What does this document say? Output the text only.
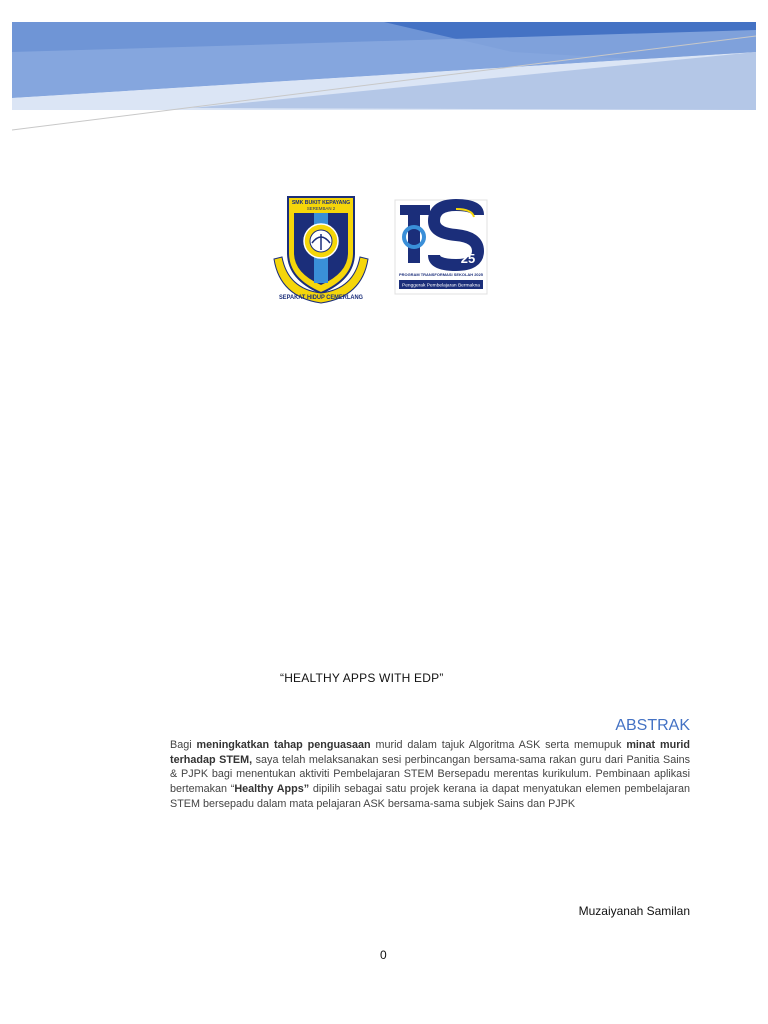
SMK BUKIT KEPAYANG
SEREMBAN 2
SEPAKAT HIDUP CEMERLANG
25
PROGRAM TRANSFORMASI SEKOLAH 2025
Penggerak Pembelajaran Bermakna
“HEALTHY APPS WITH EDP”
ABSTRAK

Bagi meningkatkan tahap penguasaan murid dalam tajuk Algoritma ASK serta memupuk minat murid terhadap STEM, saya telah melaksanakan sesi perbincangan bersama-sama rakan guru dari Panitia Sains & PJPK bagi menentukan aktiviti Pembelajaran STEM Bersepadu merentas kurikulum. Pembinaan aplikasi bertemakan “Healthy Apps” dipilih sebagai satu projek kerana ia dapat menyatukan elemen pembelajaran STEM bersepadu dalam mata pelajaran ASK bersama-sama subjek Sains dan PJPK

Muzaiyanah Samilan
0
